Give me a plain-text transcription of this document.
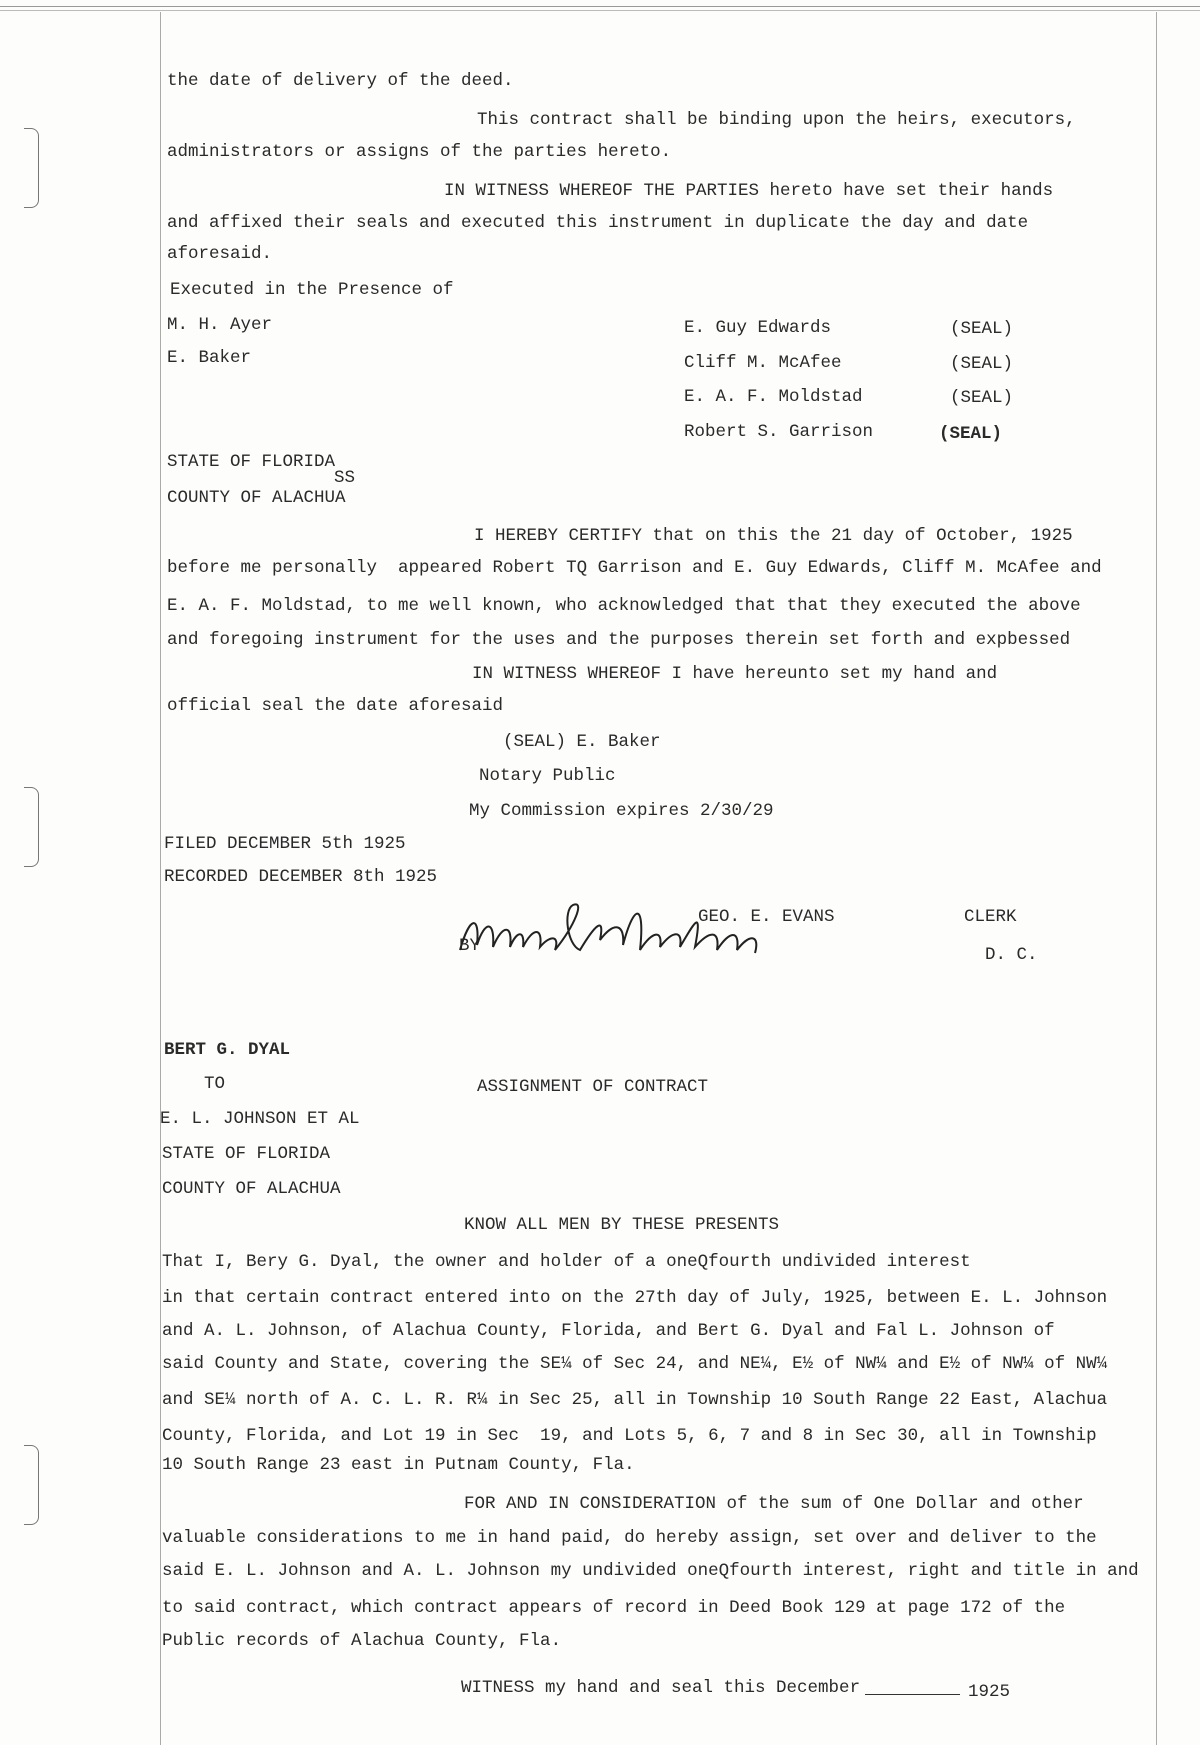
the date of delivery of the deed.
This contract shall be binding upon the heirs, executors,
administrators or assigns of the parties hereto.
IN WITNESS WHEREOF THE PARTIES hereto have set their hands
and affixed their seals and executed this instrument in duplicate the day and date
aforesaid.
Executed in the Presence of
M. H. Ayer
E. Baker
E. Guy Edwards	(SEAL)
Cliff M. McAfee	(SEAL)
E. A. F. Moldstad	(SEAL)
Robert S. Garrison	(SEAL)
STATE OF FLORIDA
SS
COUNTY OF ALACHUA
I HEREBY CERTIFY that on this the 21 day of October, 1925
before me personally  appeared Robert TQ Garrison and E. Guy Edwards, Cliff M. McAfee and
E. A. F. Moldstad, to me well known, who acknowledged that that they executed the above
and foregoing instrument for the uses and the purposes therein set forth and expbessed
IN WITNESS WHEREOF I have hereunto set my hand and
official seal the date aforesaid
(SEAL) E. Baker
Notary Public
My Commission expires 2/30/29
FILED DECEMBER 5th 1925
RECORDED DECEMBER 8th 1925
GEO. E. EVANS	CLERK
BY	D. C.
BERT G. DYAL
TO	ASSIGNMENT OF CONTRACT
E. L. JOHNSON ET AL
STATE OF FLORIDA
COUNTY OF ALACHUA
KNOW ALL MEN BY THESE PRESENTS
That I, Bery G. Dyal, the owner and holder of a oneQfourth undivided interest
in that certain contract entered into on the 27th day of July, 1925, between E. L. Johnson
and A. L. Johnson, of Alachua County, Florida, and Bert G. Dyal and Fal L. Johnson of
said County and State, covering the SE¼ of Sec 24, and NE¼, E½ of NW¼ and E½ of NW¼ of NW¼
and SE¼ north of A. C. L. R. R¼ in Sec 25, all in Township 10 South Range 22 East, Alachua
County, Florida, and Lot 19 in Sec  19, and Lots 5, 6, 7 and 8 in Sec 30, all in Township
10 South Range 23 east in Putnam County, Fla.
FOR AND IN CONSIDERATION of the sum of One Dollar and other
valuable considerations to me in hand paid, do hereby assign, set over and deliver to the
said E. L. Johnson and A. L. Johnson my undivided oneQfourth interest, right and title in and
to said contract, which contract appears of record in Deed Book 129 at page 172 of the
Public records of Alachua County, Fla.
WITNESS my hand and seal this December	1925
